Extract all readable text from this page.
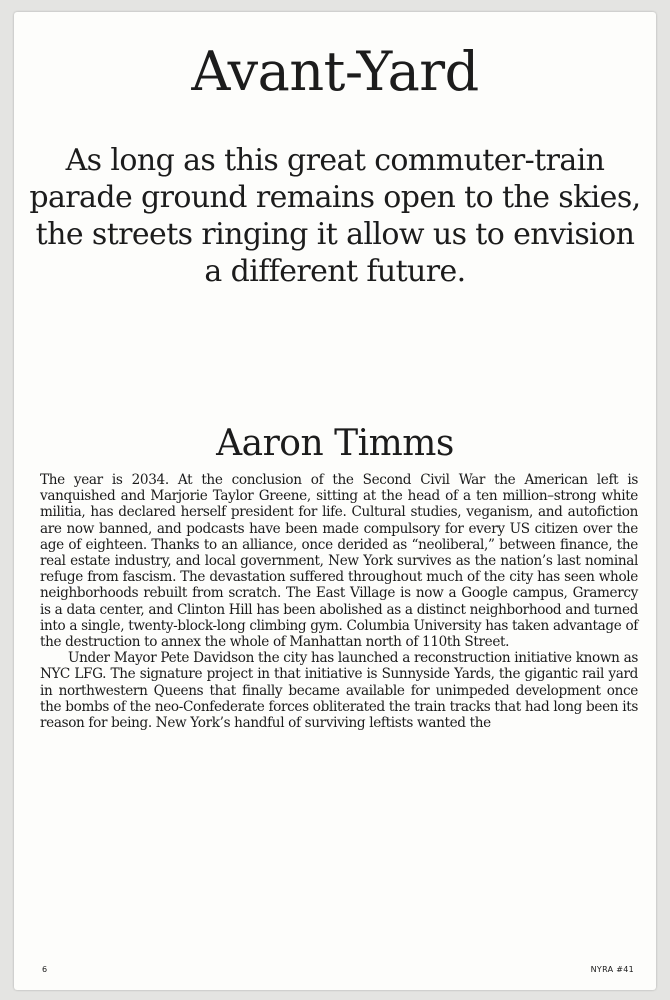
Avant-Yard
As long as this great commuter-train parade ground remains open to the skies, the streets ringing it allow us to envision a different future.
Aaron Timms

The year is 2034. At the conclusion of the Second Civil War the American left is vanquished and Marjorie Taylor Greene, sitting at the head of a ten million–strong white militia, has declared herself president for life. Cultural studies, veganism, and autofiction are now banned, and podcasts have been made compulsory for every US citizen over the age of eighteen. Thanks to an alliance, once derided as “neoliberal,” between finance, the real estate industry, and local government, New York survives as the nation’s last nominal refuge from fascism. The devastation suffered throughout much of the city has seen whole neighborhoods rebuilt from scratch. The East Village is now a Google campus, Gramercy is a data center, and Clinton Hill has been abolished as a distinct neighborhood and turned into a single, twenty-block-long climbing gym. Columbia University has taken advantage of the destruction to annex the whole of Manhattan north of 110th Street.

Under Mayor Pete Davidson the city has launched a reconstruction initiative known as NYC LFG. The signature project in that initiative is Sunnyside Yards, the gigantic rail yard in northwestern Queens that finally became available for unimpeded development once the bombs of the neo-Confederate forces obliterated the train tracks that had long been its reason for being. New York’s handful of surviving leftists wanted the

6	NYRA #41
